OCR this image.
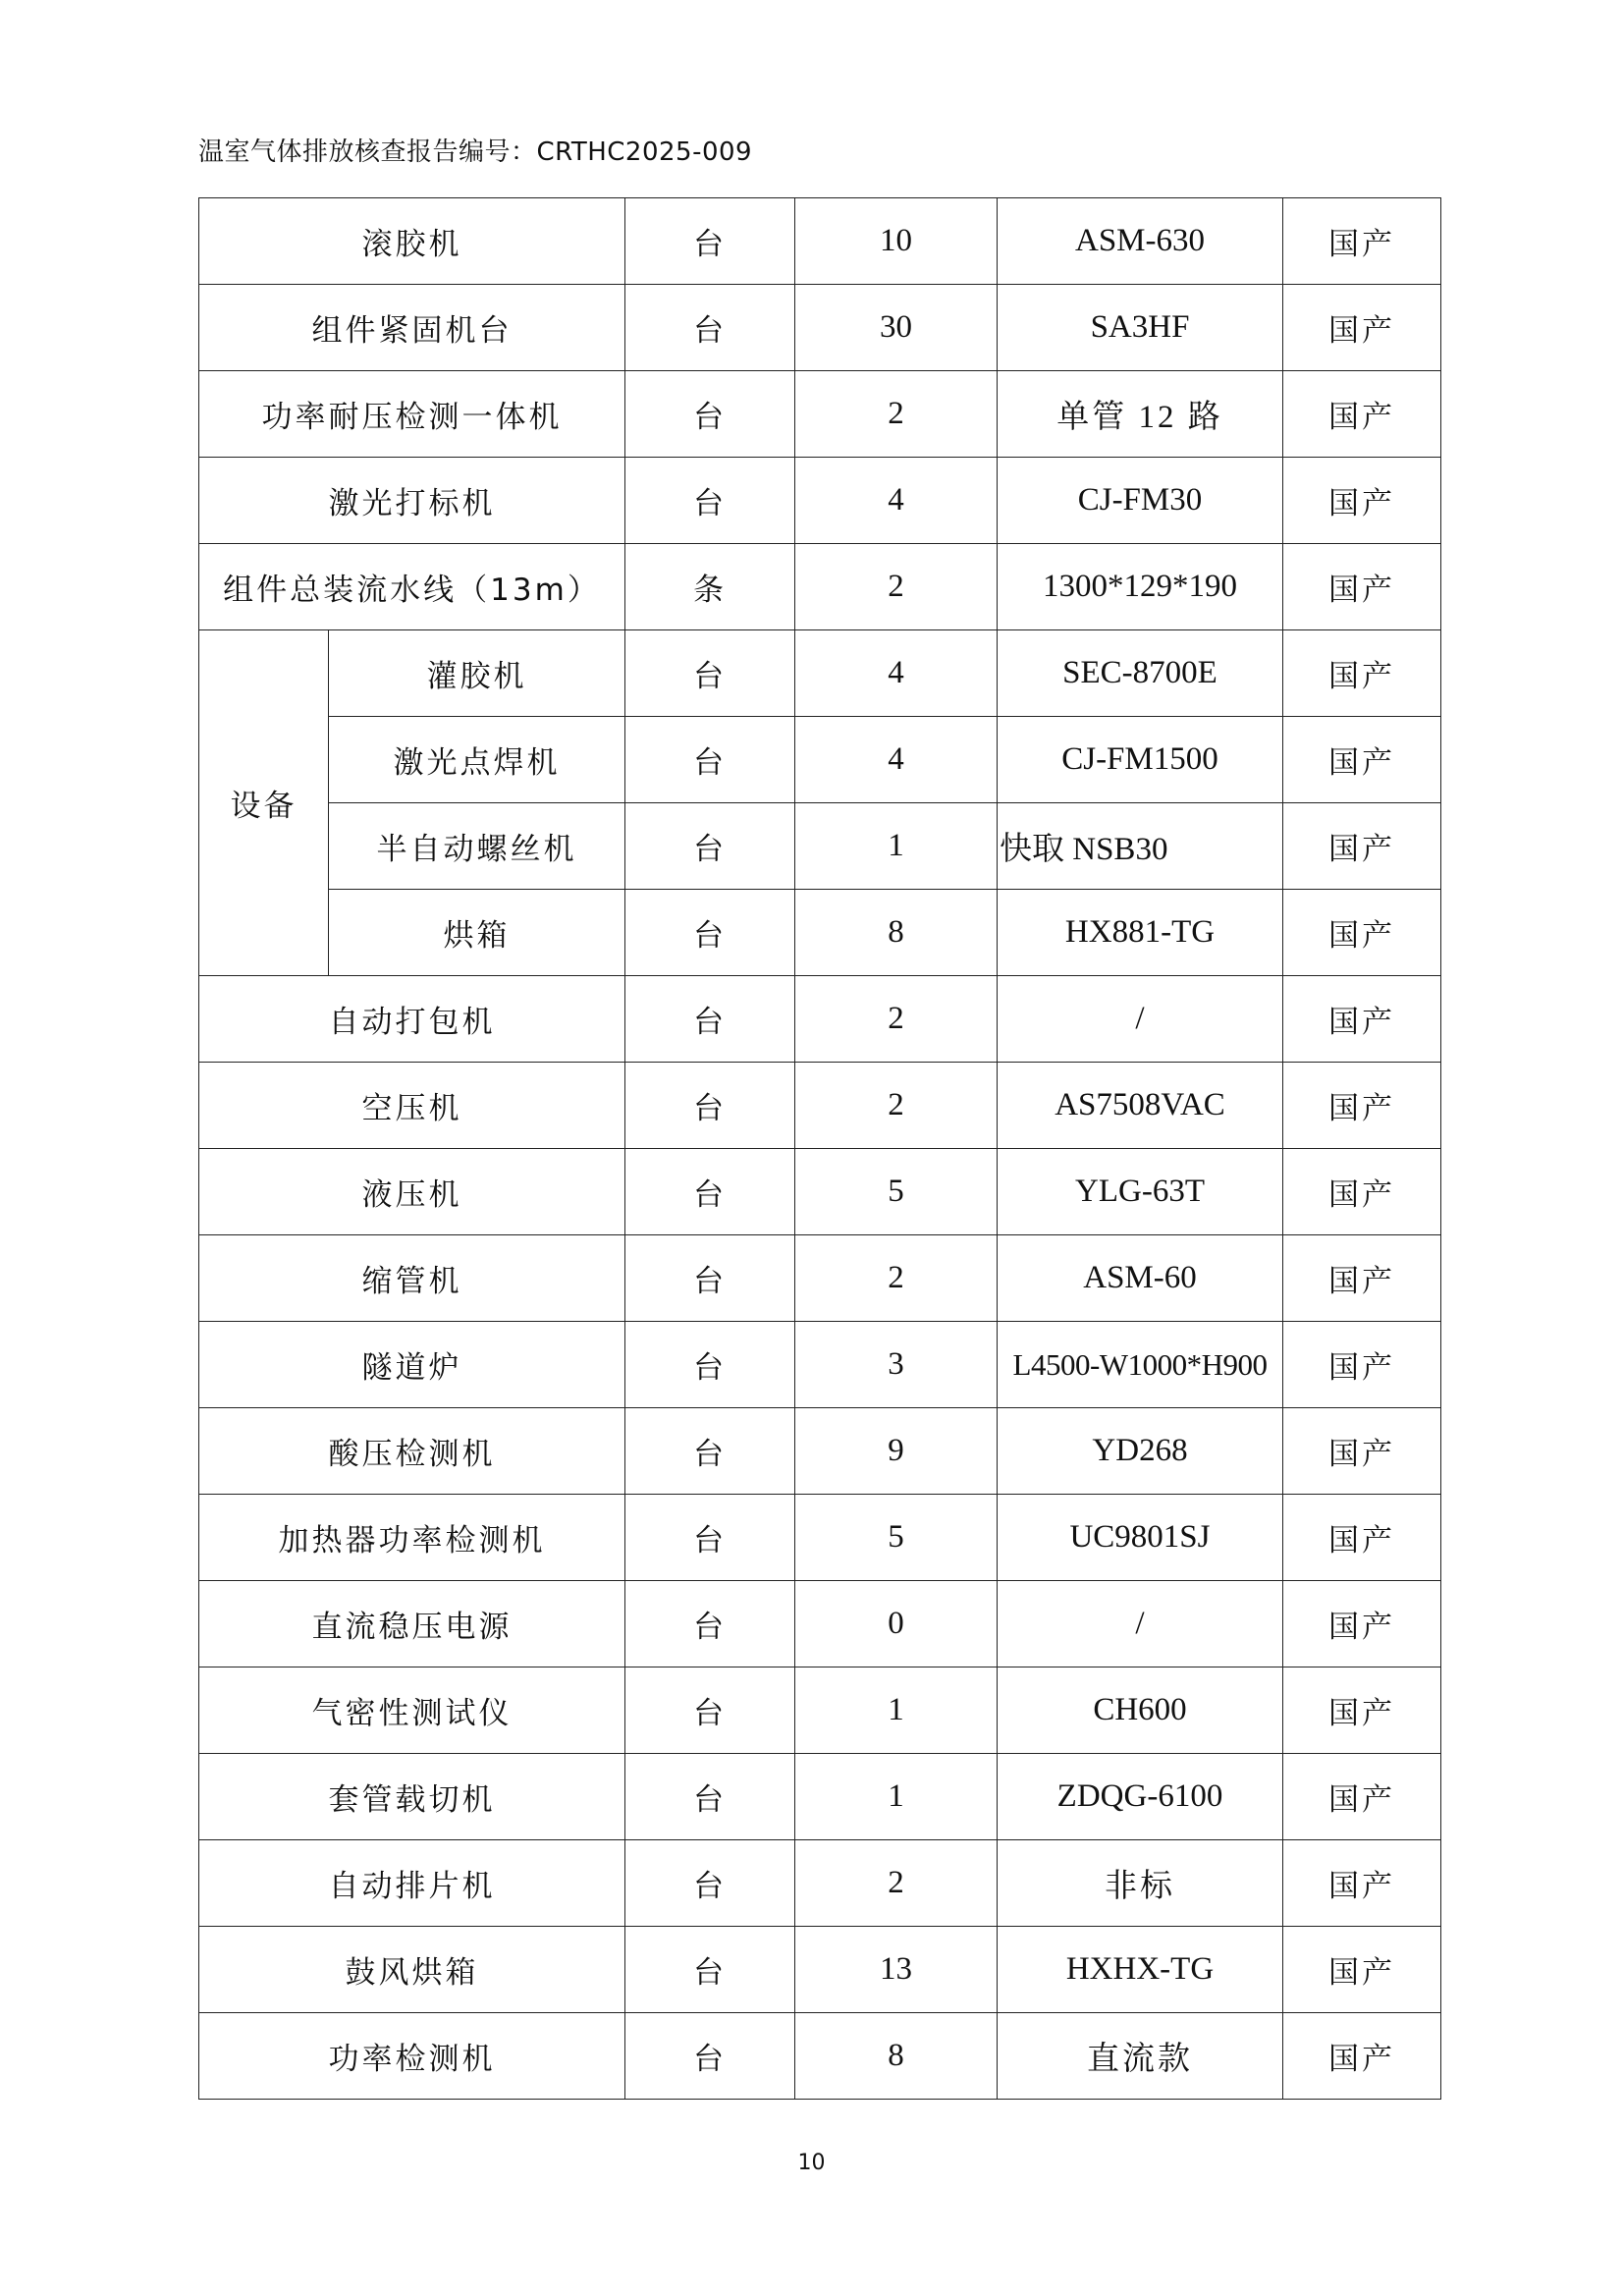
温室气体排放核查报告编号：CRTHC2025-009
滚胶机		台	10	ASM-630	国产
组件紧固机台		台	30	SA3HF	国产
功率耐压检测一体机		台	2	单管 12 路	国产
激光打标机		台	4	CJ-FM30	国产
组件总装流水线（13m）		条	2	1300*129*190	国产
设备	灌胶机	台	4	SEC-8700E	国产
	激光点焊机	台	4	CJ-FM1500	国产
	半自动螺丝机	台	1	快取 NSB30	国产
	烘箱	台	8	HX881-TG	国产
自动打包机		台	2	/	国产
空压机		台	2	AS7508VAC	国产
液压机		台	5	YLG-63T	国产
缩管机		台	2	ASM-60	国产
隧道炉		台	3	L4500-W1000*H900	国产
酸压检测机		台	9	YD268	国产
加热器功率检测机		台	5	UC9801SJ	国产
直流稳压电源		台	0	/	国产
气密性测试仪		台	1	CH600	国产
套管载切机		台	1	ZDQG-6100	国产
自动排片机		台	2	非标	国产
鼓风烘箱		台	13	HXHX-TG	国产
功率检测机		台	8	直流款	国产
10
